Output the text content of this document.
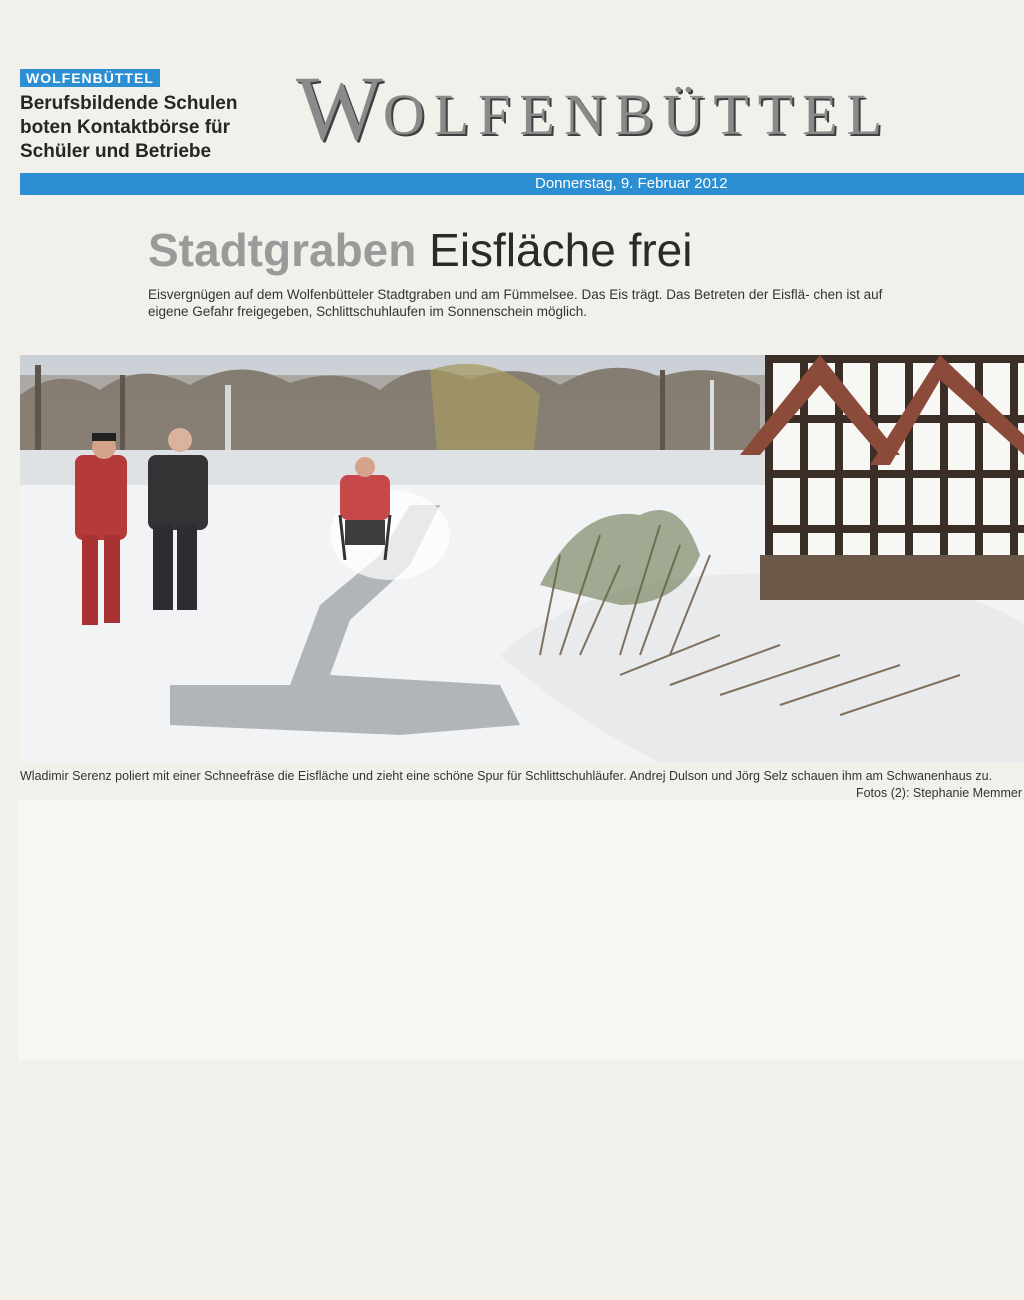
WOLFENBÜTTEL
Berufsbildende Schulen boten Kontaktbörse für Schüler und Betriebe WOLFENBÜTTEL
Donnerstag, 9. Februar 2012
Stadtgraben Eisfläche frei
Eisvergnügen auf dem Wolfenbütteler Stadtgraben und am Fümmelsee. Das Eis trägt. Das Betreten der Eisflä- chen ist auf eigene Gefahr freigegeben, Schlittschuhlaufen im Sonnenschein möglich.
Wladimir Serenz poliert mit einer Schneefräse die Eisfläche und zieht eine schöne Spur für Schlittschuhläufer. Andrej Dulson und Jörg Selz schauen ihm am Schwanenhaus zu.
Fotos (2): Stephanie Memmer
